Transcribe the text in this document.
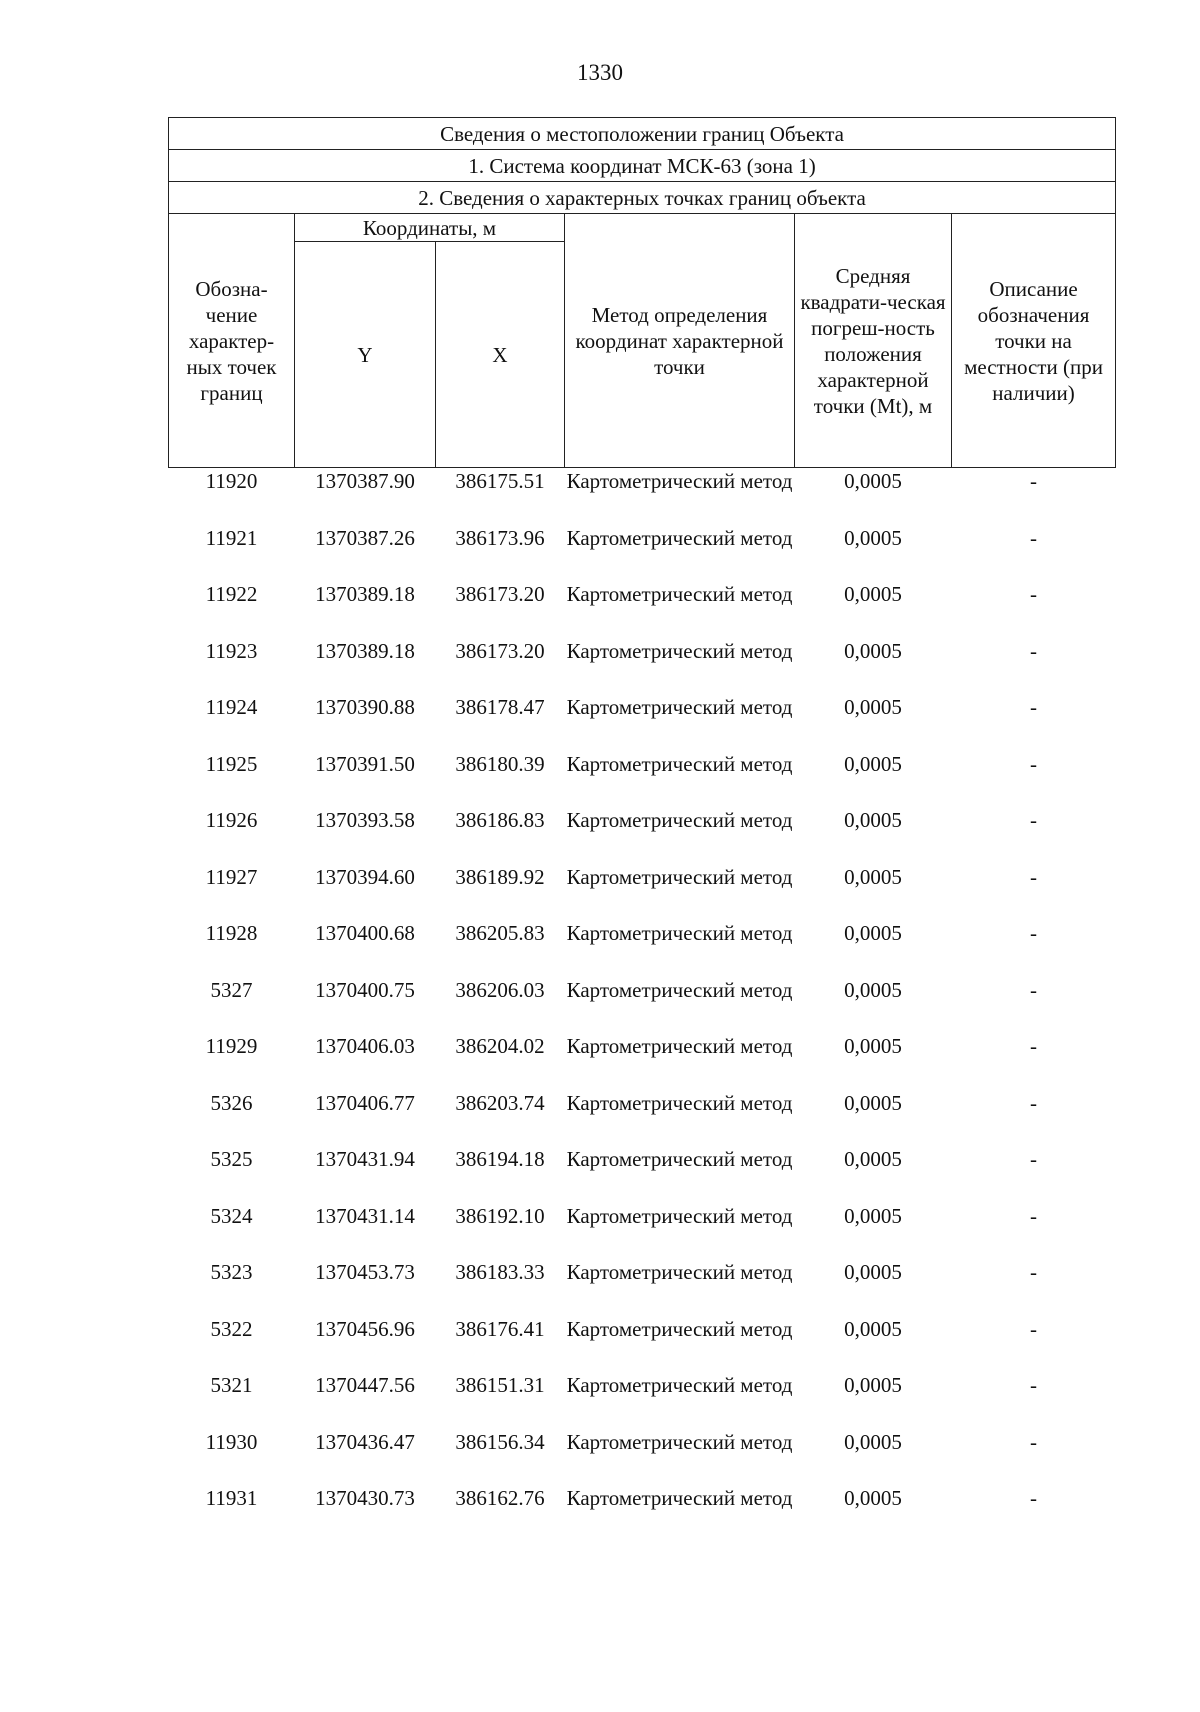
1330
Сведения о местоположении границ Объекта					
1. Система координат МСК-63 (зона 1)					
2. Сведения о характерных точках границ объекта					
Обозна-чение характер-ных точек границ	Координаты, м		Метод определения координат характерной точки	Средняя квадрати-ческая погреш-ность положения характерной точки (Mt), м	Описание обозначения точки на местности (при наличии)
	Y	X			
11920	1370387.90	386175.51	Картометрический метод 0,0005	-
11921	1370387.26	386173.96	Картометрический метод 0,0005	-
11922	1370389.18	386173.20	Картометрический метод 0,0005	-
11923	1370389.18	386173.20	Картометрический метод 0,0005	-
11924	1370390.88	386178.47	Картометрический метод 0,0005	-
11925	1370391.50	386180.39	Картометрический метод 0,0005	-
11926	1370393.58	386186.83	Картометрический метод 0,0005	-
11927	1370394.60	386189.92	Картометрический метод 0,0005	-
11928	1370400.68	386205.83	Картометрический метод 0,0005	-
5327	1370400.75	386206.03	Картометрический метод 0,0005	-
11929	1370406.03	386204.02	Картометрический метод 0,0005	-
5326	1370406.77	386203.74	Картометрический метод 0,0005	-
5325	1370431.94	386194.18	Картометрический метод 0,0005	-
5324	1370431.14	386192.10	Картометрический метод 0,0005	-
5323	1370453.73	386183.33	Картометрический метод 0,0005	-
5322	1370456.96	386176.41	Картометрический метод 0,0005	-
5321	1370447.56	386151.31	Картометрический метод 0,0005	-
11930	1370436.47	386156.34	Картометрический метод 0,0005	-
11931	1370430.73	386162.76	Картометрический метод 0,0005	-
